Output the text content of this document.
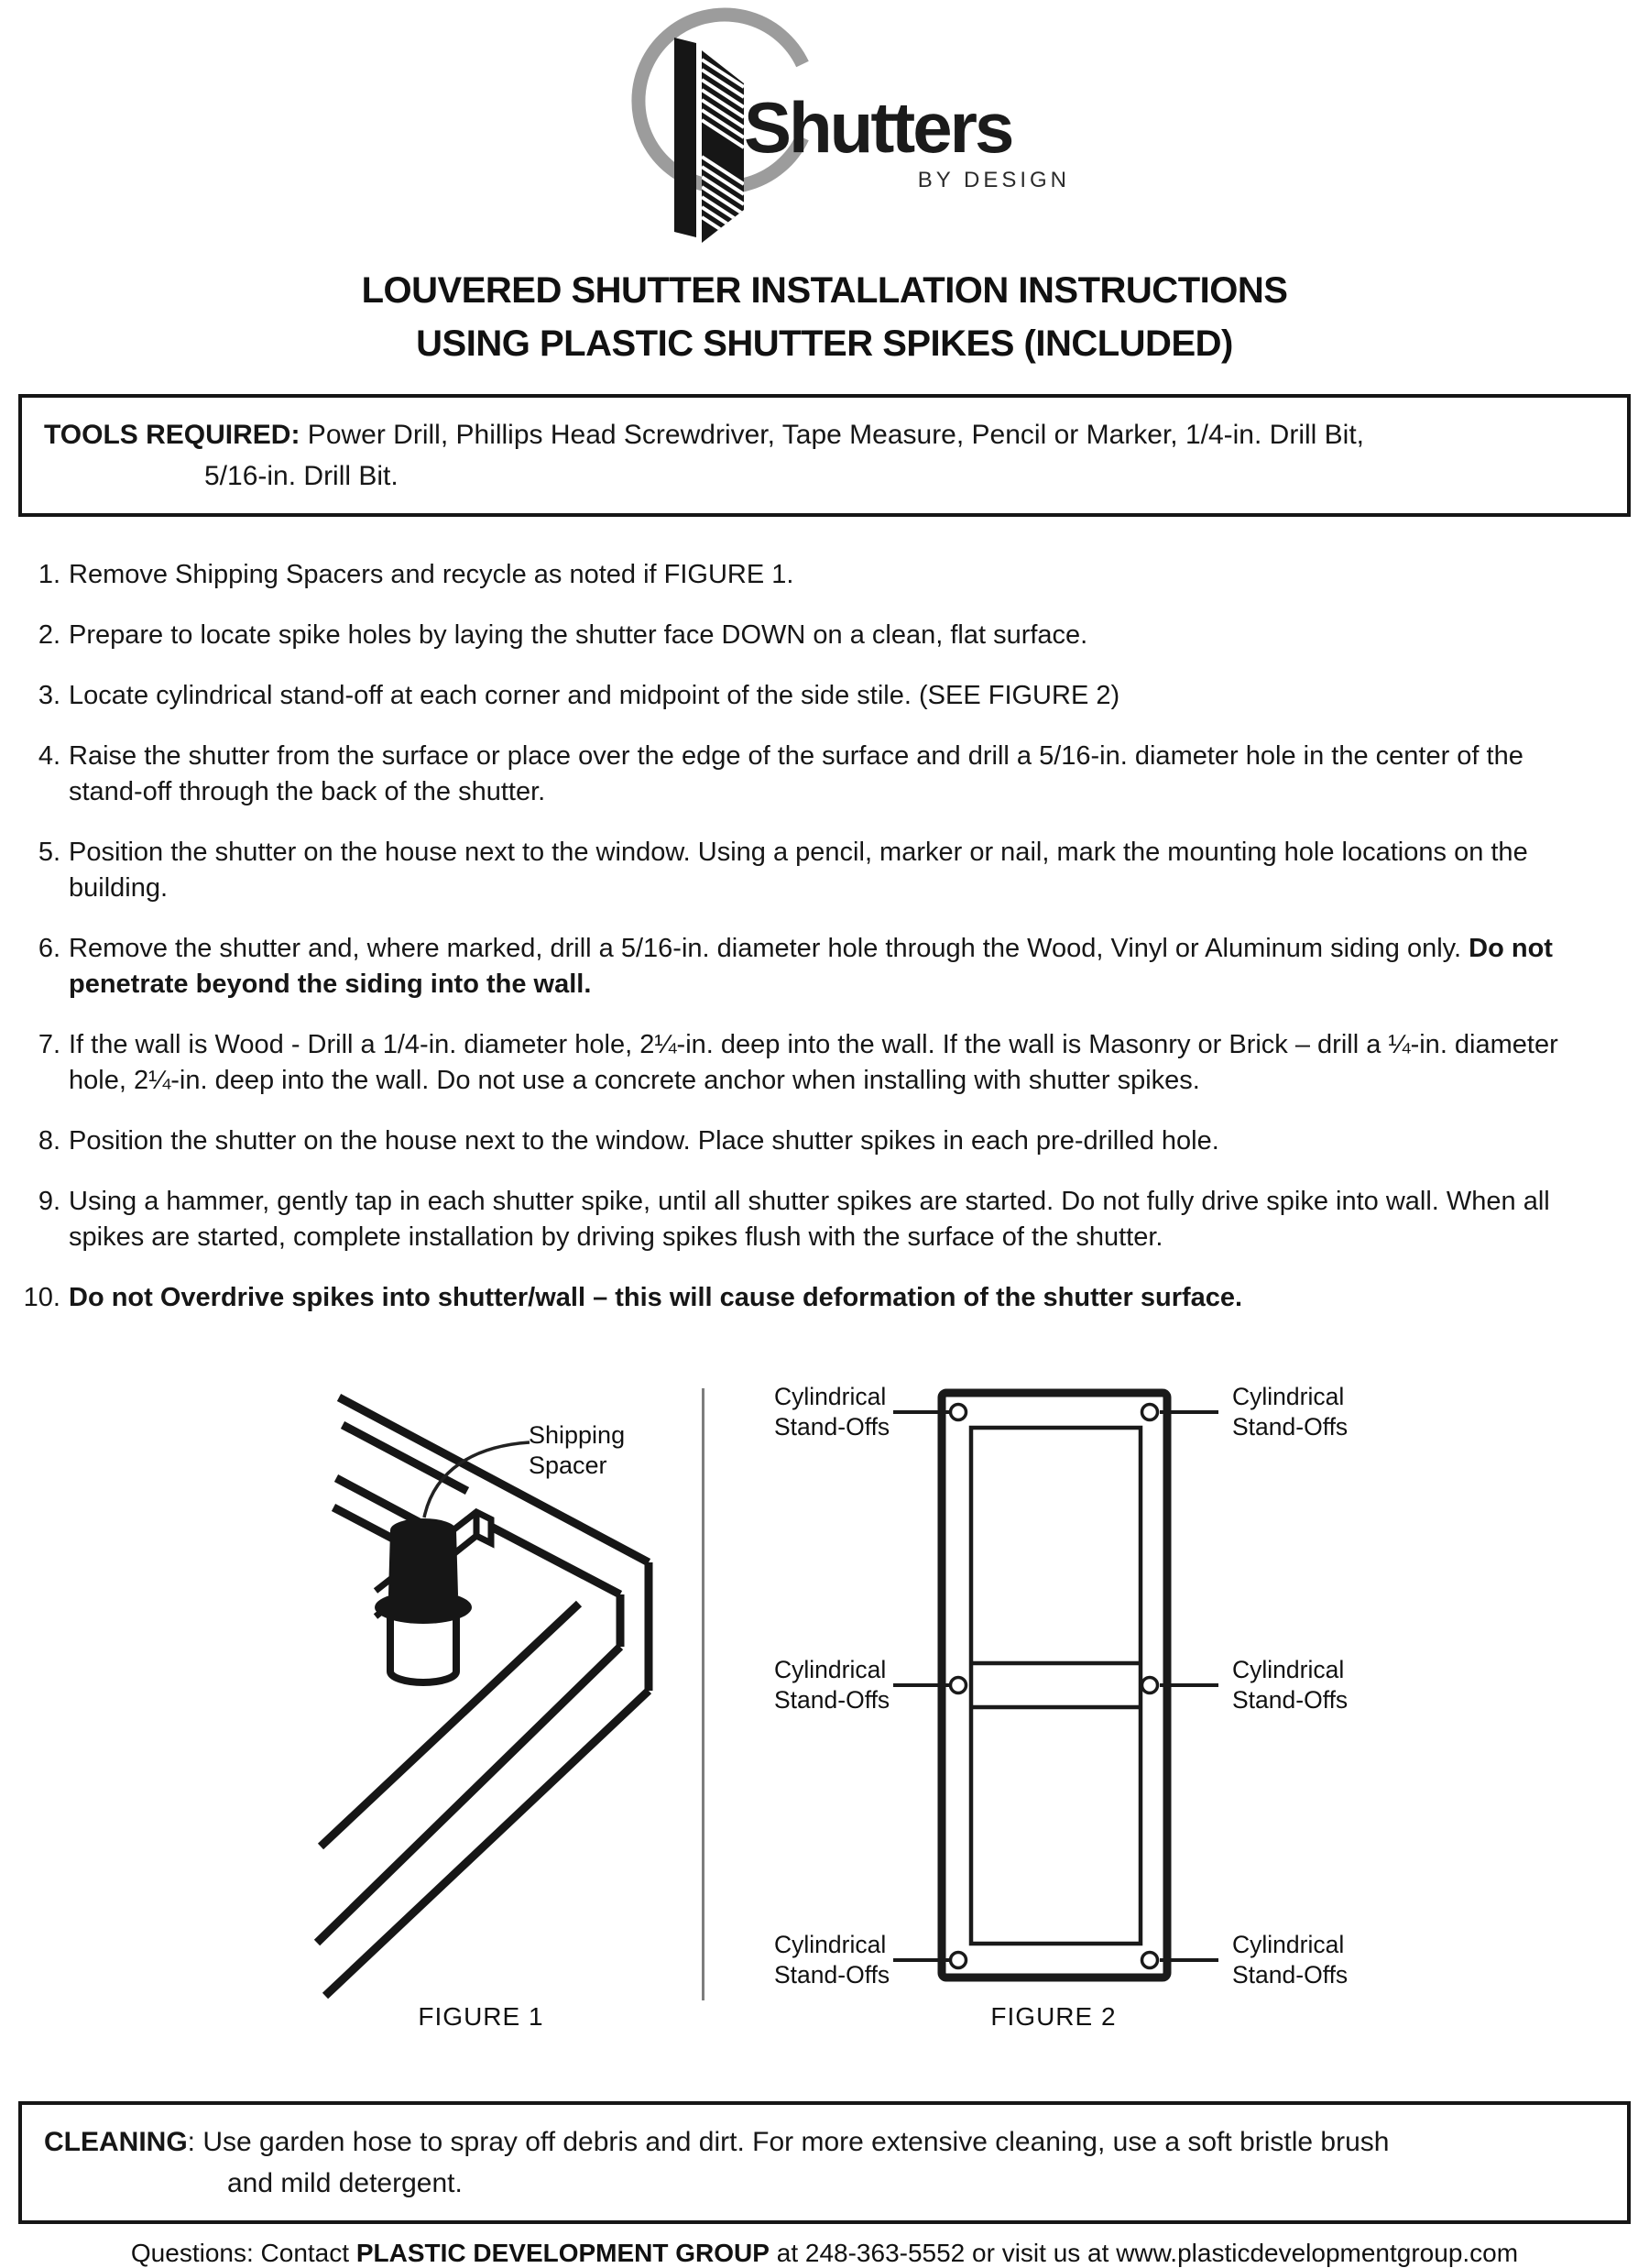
Shutters
BY DESIGN
LOUVERED SHUTTER INSTALLATION INSTRUCTIONS
USING PLASTIC SHUTTER SPIKES (INCLUDED)

TOOLS REQUIRED: Power Drill, Phillips Head Screwdriver, Tape Measure, Pencil or Marker, 1/4-in. Drill Bit,
5/16-in. Drill Bit.

1. Remove Shipping Spacers and recycle as noted if FIGURE 1.
2. Prepare to locate spike holes by laying the shutter face DOWN on a clean, flat surface.
3. Locate cylindrical stand-off at each corner and midpoint of the side stile. (SEE FIGURE 2)
4. Raise the shutter from the surface or place over the edge of the surface and drill a 5/16-in. diameter hole in the center of the stand-off through the back of the shutter.
5. Position the shutter on the house next to the window. Using a pencil, marker or nail, mark the mounting hole locations on the building.
6. Remove the shutter and, where marked, drill a 5/16-in. diameter hole through the Wood, Vinyl or Aluminum siding only. Do not penetrate beyond the siding into the wall.
7. If the wall is Wood - Drill a 1/4-in. diameter hole, 2¼-in. deep into the wall. If the wall is Masonry or Brick – drill a ¼-in. diameter hole, 2¼-in. deep into the wall. Do not use a concrete anchor when installing with shutter spikes.
8. Position the shutter on the house next to the window. Place shutter spikes in each pre-drilled hole.
9. Using a hammer, gently tap in each shutter spike, until all shutter spikes are started. Do not fully drive spike into wall. When all spikes are started, complete installation by driving spikes flush with the surface of the shutter.
10. Do not Overdrive spikes into shutter/wall – this will cause deformation of the shutter surface.
Shipping
Spacer
Cylindrical
Stand-Offs
Cylindrical
Stand-Offs
Cylindrical
Stand-Offs
Cylindrical
Stand-Offs
Cylindrical
Stand-Offs
Cylindrical
Stand-Offs
FIGURE 1	FIGURE 2

CLEANING: Use garden hose to spray off debris and dirt. For more extensive cleaning, use a soft bristle brush
and mild detergent.

Questions: Contact PLASTIC DEVELOPMENT GROUP at 248-363-5552 or visit us at www.plasticdevelopmentgroup.com
